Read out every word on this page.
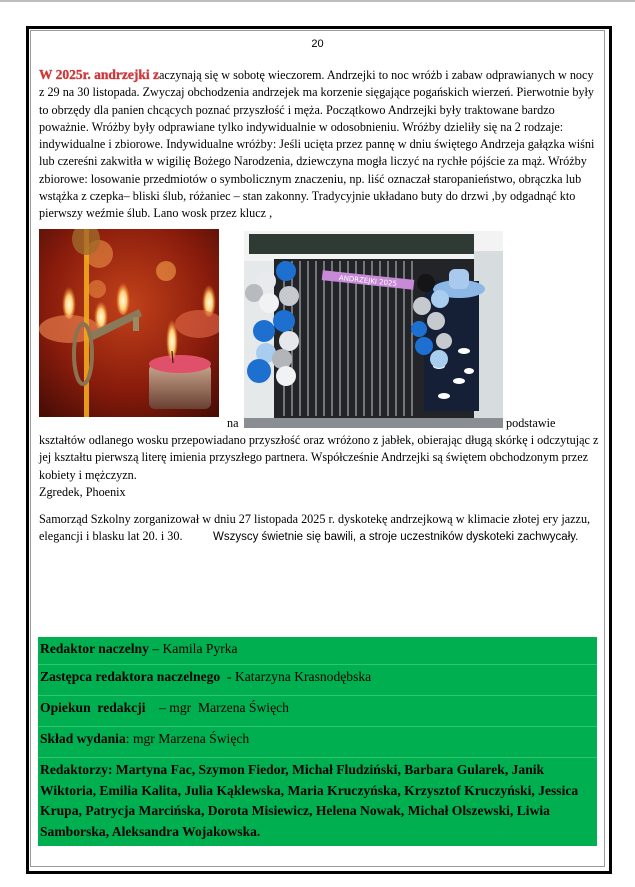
20
W 2025r. andrzejki zaczynają się w sobotę wieczorem. Andrzejki to noc wróżb i zabaw odprawianych w nocy z 29 na 30 listopada. Zwyczaj obchodzenia andrzejek ma korzenie sięgające pogańskich wierzeń. Pierwotnie były to obrzędy dla panien chcących poznać przyszłość i męża. Początkowo Andrzejki były traktowane bardzo poważnie. Wróżby były odprawiane tylko indywidualnie w odosobnieniu. Wróżby dzieliły się na 2 rodzaje: indywidualne i zbiorowe. Indywidualne wróżby: Jeśli ucięta przez pannę w dniu świętego Andrzeja gałązka wiśni lub czereśni zakwitła w wigilię Bożego Narodzenia, dziewczyna mogła liczyć na rychłe pójście za mąż. Wróżby zbiorowe: losowanie przedmiotów o symbolicznym znaczeniu, np. liść oznaczał staropanieństwo, obrączka lub wstążka z czepka– bliski ślub, różaniec – stan zakonny. Tradycyjnie układano buty do drzwi ,by odgadnąć kto pierwszy weźmie ślub. Lano wosk przez klucz ,
na
ANDRZEJKI 2025
podstawie
kształtów odlanego wosku przepowiadano przyszłość oraz wróżono z jabłek, obierając długą skórkę i odczytując z jej kształtu pierwszą literę imienia przyszłego partnera. Współcześnie Andrzejki są świętem obchodzonym przez kobiety i mężczyzn.
Zgredek, Phoenix
Samorząd Szkolny zorganizował w dniu 27 listopada 2025 r. dyskotekę andrzejkową w klimacie złotej ery jazzu, elegancji i blasku lat 20. i 30.	Wszyscy świetnie się bawili, a stroje uczestników dyskoteki zachwycały.
Redaktor naczelny – Kamila Pyrka
Zastępca redaktora naczelnego  - Katarzyna Krasnodębska
Opiekun  redakcji    – mgr  Marzena Święch
Skład wydania: mgr Marzena Święch
Redaktorzy: Martyna Fac, Szymon Fiedor, Michał Fludziński, Barbara Gularek, Janik Wiktoria, Emilia Kalita, Julia Kąklewska, Maria Kruczyńska, Krzysztof Kruczyński, Jessica Krupa, Patrycja Marcińska, Dorota Misiewicz, Helena Nowak, Michał Olszewski, Liwia Samborska, Aleksandra Wojakowska.
